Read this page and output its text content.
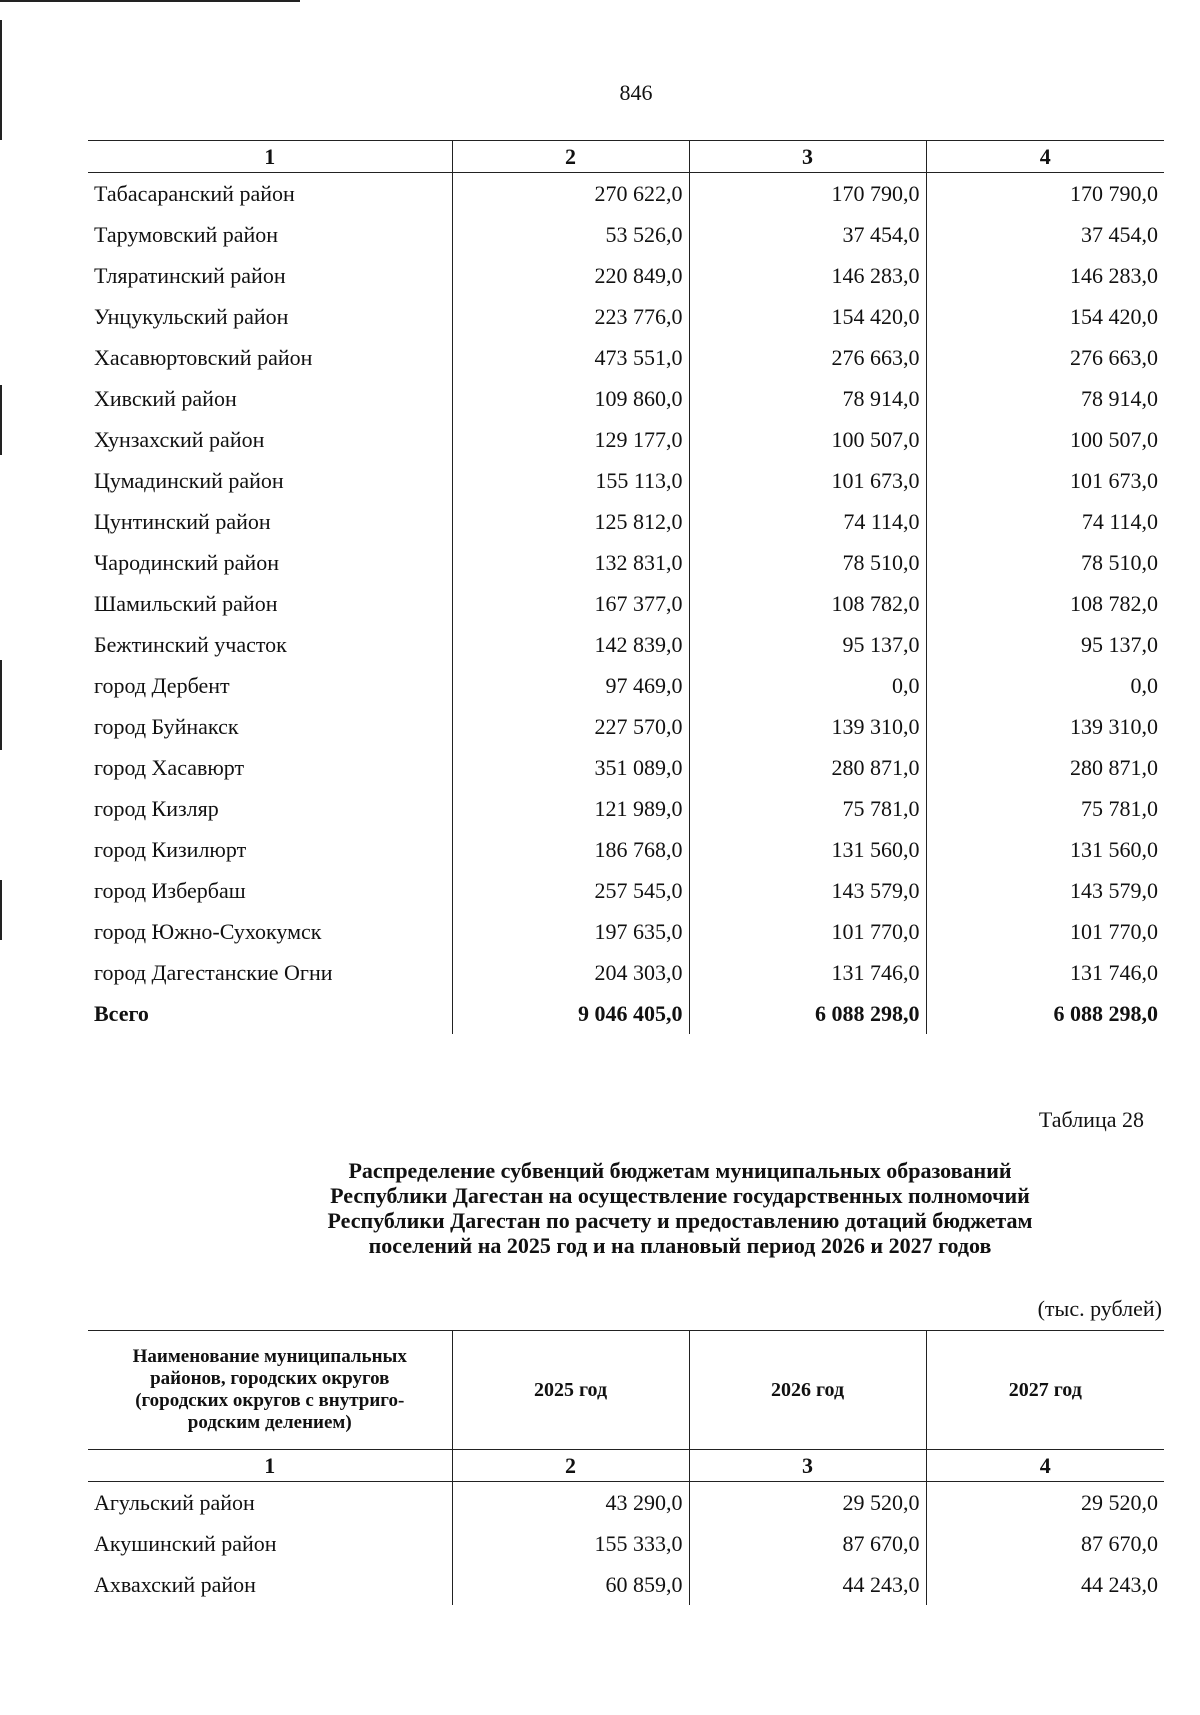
846
1	2	3	4
Табасаранский район	270 622,0	170 790,0	170 790,0
Тарумовский район	53 526,0	37 454,0	37 454,0
Тляратинский район	220 849,0	146 283,0	146 283,0
Унцукульский район	223 776,0	154 420,0	154 420,0
Хасавюртовский район	473 551,0	276 663,0	276 663,0
Хивский район	109 860,0	78 914,0	78 914,0
Хунзахский район	129 177,0	100 507,0	100 507,0
Цумадинский район	155 113,0	101 673,0	101 673,0
Цунтинский район	125 812,0	74 114,0	74 114,0
Чародинский район	132 831,0	78 510,0	78 510,0
Шамильский район	167 377,0	108 782,0	108 782,0
Бежтинский участок	142 839,0	95 137,0	95 137,0
город Дербент	97 469,0	0,0	0,0
город Буйнакск	227 570,0	139 310,0	139 310,0
город Хасавюрт	351 089,0	280 871,0	280 871,0
город Кизляр	121 989,0	75 781,0	75 781,0
город Кизилюрт	186 768,0	131 560,0	131 560,0
город Избербаш	257 545,0	143 579,0	143 579,0
город Южно-Сухокумск	197 635,0	101 770,0	101 770,0
город Дагестанские Огни	204 303,0	131 746,0	131 746,0
Всего	9 046 405,0	6 088 298,0	6 088 298,0
Таблица 28
Распределение субвенций бюджетам муниципальных образований
Республики Дагестан на осуществление государственных полномочий
Республики Дагестан по расчету и предоставлению дотаций бюджетам
поселений на 2025 год и на плановый период 2026 и 2027 годов
(тыс. рублей)
Наименование муниципальных
районов, городских округов
(городских округов с внутриго-
родским делением)	2025 год	2026 год	2027 год
1	2	3	4
Агульский район	43 290,0	29 520,0	29 520,0
Акушинский район	155 333,0	87 670,0	87 670,0
Ахвахский район	60 859,0	44 243,0	44 243,0
